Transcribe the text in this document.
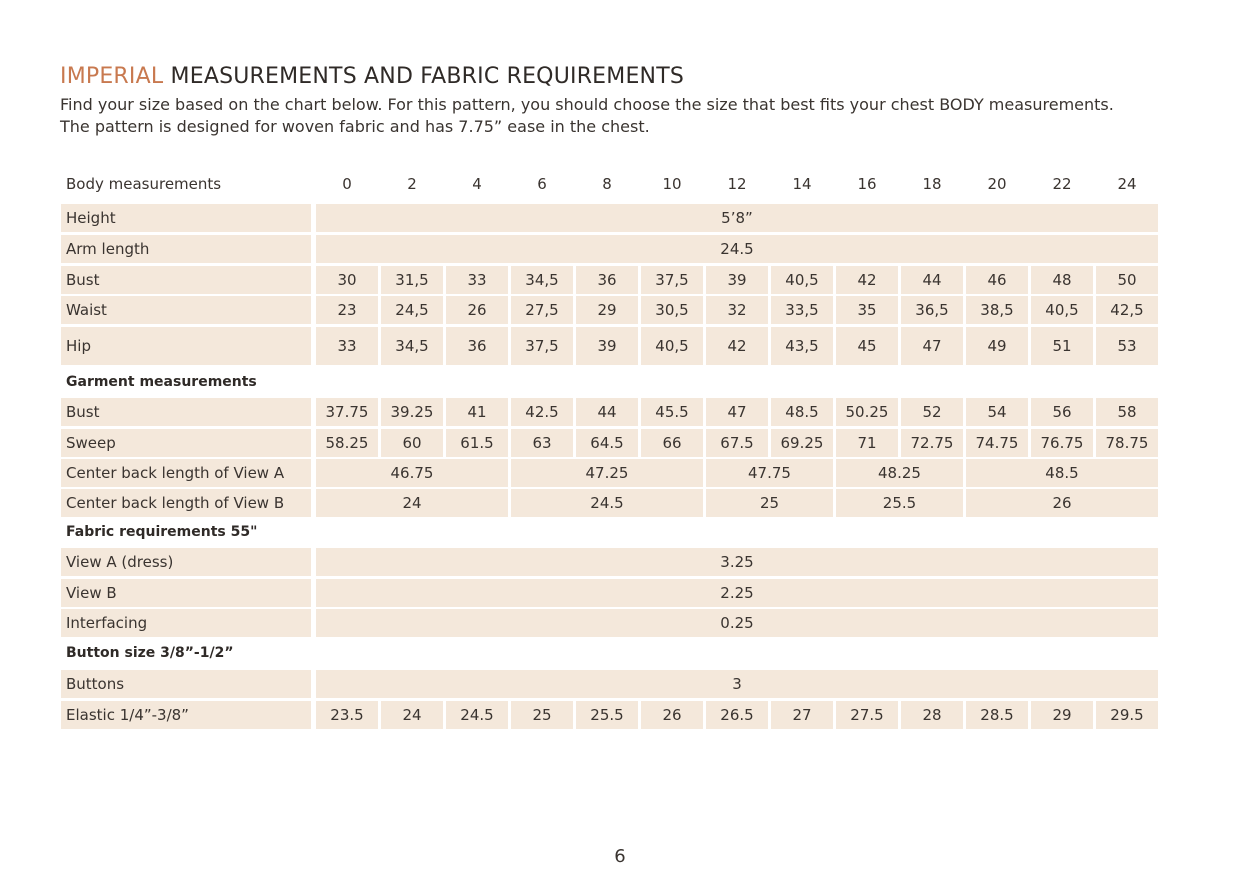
IMPERIAL MEASUREMENTS AND FABRIC REQUIREMENTS
Find your size based on the chart below. For this pattern, you should choose the size that best fits your chest BODY measurements.
The pattern is designed for woven fabric and has 7.75” ease in the chest.
Body measurements	0	2	4	6	8	10	12	14	16	18	20	22	24
Height	5’8”
Arm length	24.5
Bust	30	31,5	33	34,5	36	37,5	39	40,5	42	44	46	48	50
Waist	23	24,5	26	27,5	29	30,5	32	33,5	35	36,5	38,5	40,5	42,5
Hip	33	34,5	36	37,5	39	40,5	42	43,5	45	47	49	51	53
Garment measurements
Bust	37.75	39.25	41	42.5	44	45.5	47	48.5	50.25	52	54	56	58
Sweep	58.25	60	61.5	63	64.5	66	67.5	69.25	71	72.75	74.75	76.75	78.75
Center back length of View A	46.75	47.25	47.75	48.25	48.5
Center back length of View B	24	24.5	25	25.5	26
Fabric requirements 55"
View A (dress)	3.25
View B	2.25
Interfacing	0.25
Button size 3/8”-1/2”
Buttons	3
Elastic 1/4”-3/8”	23.5	24	24.5	25	25.5	26	26.5	27	27.5	28	28.5	29	29.5
6
